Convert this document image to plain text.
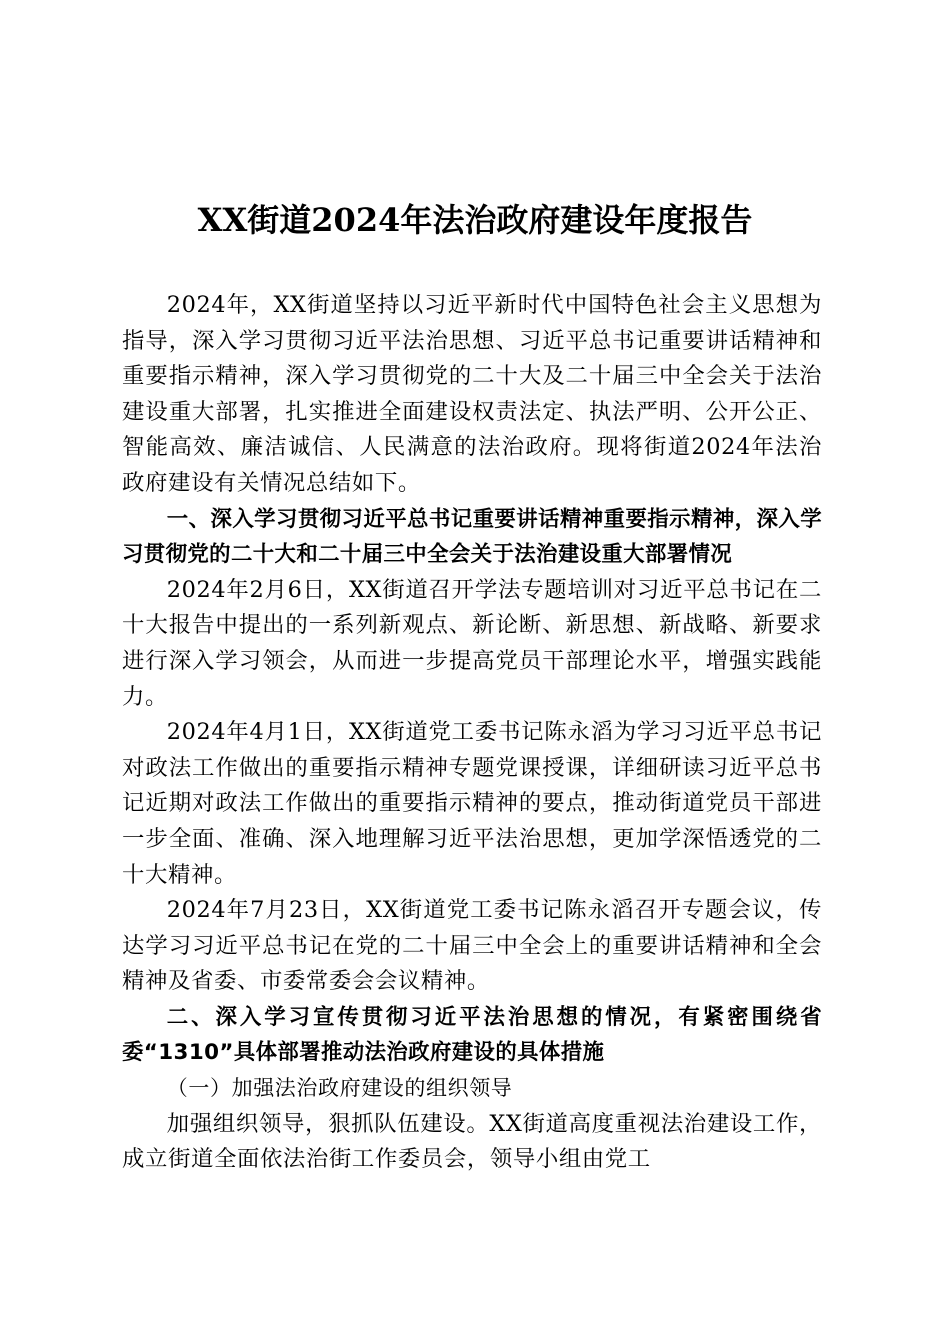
XX街道2024年法治政府建设年度报告

2024年，XX街道坚持以习近平新时代中国特色社会主义思想为指导，深入学习贯彻习近平法治思想、习近平总书记重要讲话精神和重要指示精神，深入学习贯彻党的二十大及二十届三中全会关于法治建设重大部署，扎实推进全面建设权责法定、执法严明、公开公正、智能高效、廉洁诚信、人民满意的法治政府。现将街道2024年法治政府建设有关情况总结如下。

一、深入学习贯彻习近平总书记重要讲话精神重要指示精神，深入学习贯彻党的二十大和二十届三中全会关于法治建设重大部署情况

2024年2月6日，XX街道召开学法专题培训对习近平总书记在二十大报告中提出的一系列新观点、新论断、新思想、新战略、新要求进行深入学习领会，从而进一步提高党员干部理论水平，增强实践能力。

2024年4月1日，XX街道党工委书记陈永滔为学习习近平总书记对政法工作做出的重要指示精神专题党课授课，详细研读习近平总书记近期对政法工作做出的重要指示精神的要点，推动街道党员干部进一步全面、准确、深入地理解习近平法治思想，更加学深悟透党的二十大精神。

2024年7月23日，XX街道党工委书记陈永滔召开专题会议，传达学习习近平总书记在党的二十届三中全会上的重要讲话精神和全会精神及省委、市委常委会会议精神。

二、深入学习宣传贯彻习近平法治思想的情况，有紧密围绕省委“1310”具体部署推动法治政府建设的具体措施

（一）加强法治政府建设的组织领导

加强组织领导，狠抓队伍建设。XX街道高度重视法治建设工作，成立街道全面依法治街工作委员会，领导小组由党工
